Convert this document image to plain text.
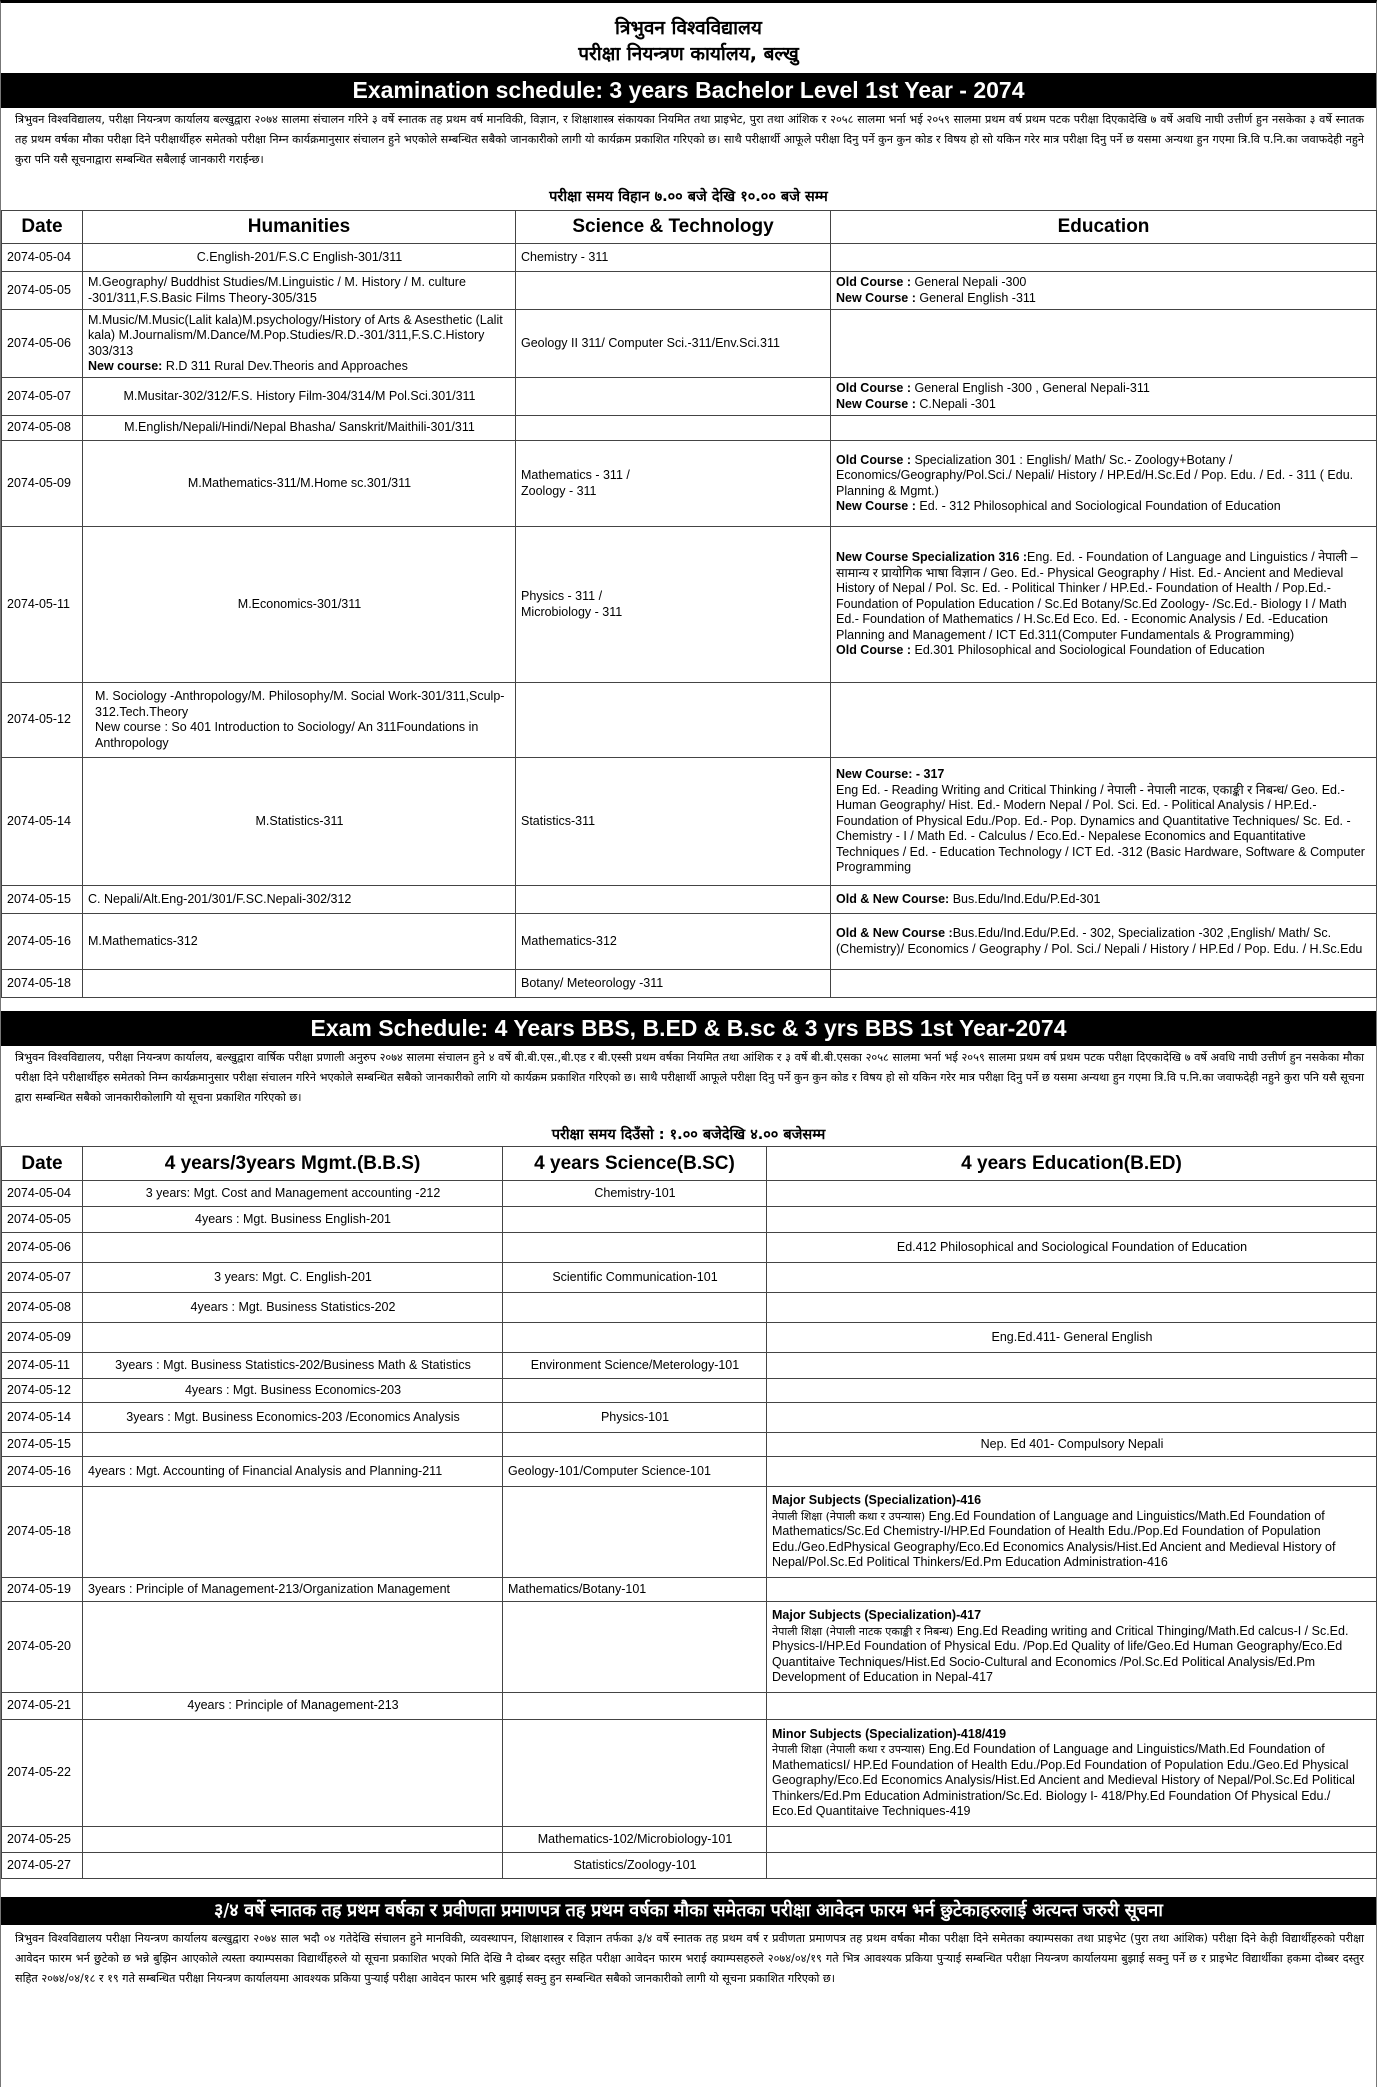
त्रिभुवन विश्वविद्यालय
परीक्षा नियन्त्रण कार्यालय, बल्खु
Examination schedule: 3 years Bachelor Level 1st Year - 2074
त्रिभुवन विश्वविद्यालय, परीक्षा नियन्त्रण कार्यालय बल्खुद्वारा २०७४ सालमा संचालन गरिने ३ वर्षे स्नातक तह प्रथम वर्ष मानविकी, विज्ञान, र शिक्षाशास्त्र संकायका नियमित तथा प्राइभेट, पुरा तथा आंशिक र २०५८ सालमा भर्ना भई २०५९ सालमा प्रथम वर्ष प्रथम पटक परीक्षा दिएकादेखि ७ वर्षे अवधि नाघी उत्तीर्ण हुन नसकेका ३ वर्षे स्नातक तह प्रथम वर्षका मौका परीक्षा दिने परीक्षार्थीहरु समेतको परीक्षा निम्न कार्यक्रमानुसार संचालन हुने भएकोले सम्बन्धित सबैको जानकारीको लागी यो कार्यक्रम प्रकाशित गरिएको छ। साथै परीक्षार्थी आफूले परीक्षा दिनु पर्ने कुन कुन कोड र विषय हो सो यकिन गरेर मात्र परीक्षा दिनु पर्ने छ यसमा अन्यथा हुन गएमा त्रि.वि प.नि.का जवाफदेही नहुने कुरा पनि यसै सूचनाद्वारा सम्बन्धित सबैलाई जानकारी गराईन्छ।
परीक्षा समय विहान ७.०० बजे देखि १०.०० बजे सम्म
Date	Humanities	Science & Technology	Education
2074-05-04	C.English-201/F.S.C English-301/311	Chemistry - 311	
2074-05-05	M.Geography/ Buddhist Studies/M.Linguistic / M. History / M. culture -301/311,F.S.Basic Films Theory-305/315		Old Course : General Nepali -300
New Course : General English -311
2074-05-06	M.Music/M.Music(Lalit kala)M.psychology/History of Arts & Asesthetic (Lalit kala) M.Journalism/M.Dance/M.Pop.Studies/R.D.-301/311,F.S.C.History 303/313
New course: R.D 311 Rural Dev.Theoris and Approaches	Geology II 311/ Computer Sci.-311/Env.Sci.311	
2074-05-07	M.Musitar-302/312/F.S. History Film-304/314/M Pol.Sci.301/311		Old Course : General English -300 , General Nepali-311
New Course : C.Nepali -301
2074-05-08	M.English/Nepali/Hindi/Nepal Bhasha/ Sanskrit/Maithili-301/311		
2074-05-09	M.Mathematics-311/M.Home sc.301/311	Mathematics - 311 /
Zoology - 311	Old Course : Specialization 301 : English/ Math/ Sc.- Zoology+Botany / Economics/Geography/Pol.Sci./ Nepali/ History / HP.Ed/H.Sc.Ed / Pop. Edu. / Ed. - 311 ( Edu. Planning & Mgmt.)
New Course : Ed. - 312 Philosophical and Sociological Foundation of Education
2074-05-11	M.Economics-301/311	Physics - 311 /
Microbiology - 311	New Course Specialization 316 :Eng. Ed. - Foundation of Language and Linguistics / नेपाली –सामान्य र प्रायोगिक भाषा विज्ञान / Geo. Ed.- Physical Geography / Hist. Ed.- Ancient and Medieval History of Nepal / Pol. Sc. Ed. - Political Thinker / HP.Ed.- Foundation of Health / Pop.Ed.- Foundation of Population Education / Sc.Ed Botany/Sc.Ed Zoology- /Sc.Ed.- Biology I / Math Ed.- Foundation of Mathematics / H.Sc.Ed Eco. Ed. - Economic Analysis / Ed. -Education Planning and Management / ICT Ed.311(Computer Fundamentals & Programming)
Old Course : Ed.301 Philosophical and Sociological Foundation of Education
2074-05-12	M. Sociology -Anthropology/M. Philosophy/M. Social Work-301/311,Sculp-312.Tech.Theory
New course : So 401 Introduction to Sociology/ An 311Foundations in Anthropology		
2074-05-14	M.Statistics-311	Statistics-311	New Course: - 317
Eng Ed. - Reading Writing and Critical Thinking / नेपाली - नेपाली नाटक, एकाङ्की र निबन्ध/ Geo. Ed.- Human Geography/ Hist. Ed.- Modern Nepal / Pol. Sci. Ed. - Political Analysis / HP.Ed.- Foundation of Physical Edu./Pop. Ed.- Pop. Dynamics and Quantitative Techniques/ Sc. Ed. - Chemistry - I / Math Ed. - Calculus / Eco.Ed.- Nepalese Economics and Equantitative Techniques / Ed. - Education Technology / ICT Ed. -312 (Basic Hardware, Software & Computer Programming
2074-05-15	C. Nepali/Alt.Eng-201/301/F.SC.Nepali-302/312		Old & New Course: Bus.Edu/Ind.Edu/P.Ed-301
2074-05-16	M.Mathematics-312	Mathematics-312	Old & New Course :Bus.Edu/Ind.Edu/P.Ed. - 302, Specialization -302 ,English/ Math/ Sc.(Chemistry)/ Economics / Geography / Pol. Sci./ Nepali / History / HP.Ed / Pop. Edu. / H.Sc.Edu
2074-05-18		Botany/ Meteorology -311	
Exam Schedule: 4 Years BBS, B.ED & B.sc & 3 yrs BBS 1st Year-2074
त्रिभुवन विश्वविद्यालय, परीक्षा नियन्त्रण कार्यालय, बल्खुद्वारा वार्षिक परीक्षा प्रणाली अनुरुप २०७४ सालमा संचालन हुने ४ वर्षे बी.बी.एस.,बी.एड र बी.एस्सी प्रथम वर्षका नियमित तथा आंशिक र ३ वर्षे बी.बी.एसका २०५८ सालमा भर्ना भई २०५९ सालमा प्रथम वर्ष प्रथम पटक परीक्षा दिएकादेखि ७ वर्षे अवधि नाघी उत्तीर्ण हुन नसकेका मौका परीक्षा दिने परीक्षार्थीहरु समेतको निम्न कार्यक्रमानुसार परीक्षा संचालन गरिने भएकोले सम्बन्धित सबैको जानकारीको लागि यो कार्यक्रम प्रकाशित गरिएको छ। साथै परीक्षार्थी आफूले परीक्षा दिनु पर्ने कुन कुन कोड र विषय हो सो यकिन गरेर मात्र परीक्षा दिनु पर्ने छ यसमा अन्यथा हुन गएमा त्रि.वि प.नि.का जवाफदेही नहुने कुरा पनि यसै सूचना द्वारा सम्बन्धित सबैको जानकारीकोलागि यो सूचना प्रकाशित गरिएको छ।
परीक्षा समय दिउँसो : १.०० बजेदेखि ४.०० बजेसम्म
Date	4 years/3years Mgmt.(B.B.S)	4 years Science(B.SC)	4 years Education(B.ED)
2074-05-04	3 years: Mgt. Cost and Management accounting -212	Chemistry-101	
2074-05-05	4years : Mgt. Business English-201		
2074-05-06			Ed.412 Philosophical and Sociological Foundation of Education
2074-05-07	3 years: Mgt. C. English-201	Scientific Communication-101	
2074-05-08	4years : Mgt. Business Statistics-202		
2074-05-09			Eng.Ed.411- General English
2074-05-11	3years : Mgt. Business Statistics-202/Business Math & Statistics	Environment Science/Meterology-101	
2074-05-12	4years : Mgt. Business Economics-203		
2074-05-14	3years : Mgt. Business Economics-203 /Economics Analysis	Physics-101	
2074-05-15			Nep. Ed 401- Compulsory Nepali
2074-05-16	4years : Mgt. Accounting of Financial Analysis and Planning-211	Geology-101/Computer Science-101	
2074-05-18			Major Subjects (Specialization)-416
नेपाली शिक्षा (नेपाली कथा र उपन्यास) Eng.Ed Foundation of Language and Linguistics/Math.Ed Foundation of Mathematics/Sc.Ed Chemistry-I/HP.Ed Foundation of Health Edu./Pop.Ed Foundation of Population Edu./Geo.EdPhysical Geography/Eco.Ed Economics Analysis/Hist.Ed Ancient and Medieval History of Nepal/Pol.Sc.Ed Political Thinkers/Ed.Pm Education Administration-416
2074-05-19	3years : Principle of Management-213/Organization Management	Mathematics/Botany-101	
2074-05-20			Major Subjects (Specialization)-417
नेपाली शिक्षा (नेपाली नाटक एकाङ्की र निबन्ध) Eng.Ed Reading writing and Critical Thinging/Math.Ed calcus-I / Sc.Ed. Physics-I/HP.Ed Foundation of Physical Edu. /Pop.Ed Quality of life/Geo.Ed Human Geography/Eco.Ed Quantitaive Techniques/Hist.Ed Socio-Cultural and Economics /Pol.Sc.Ed Political Analysis/Ed.Pm Development of Education in Nepal-417
2074-05-21	4years : Principle of Management-213		
2074-05-22			Minor Subjects (Specialization)-418/419
नेपाली शिक्षा (नेपाली कथा र उपन्यास) Eng.Ed Foundation of Language and Linguistics/Math.Ed Foundation of MathematicsI/ HP.Ed Foundation of Health Edu./Pop.Ed Foundation of Population Edu./Geo.Ed Physical Geography/Eco.Ed Economics Analysis/Hist.Ed Ancient and Medieval History of Nepal/Pol.Sc.Ed Political Thinkers/Ed.Pm Education Administration/Sc.Ed. Biology I- 418/Phy.Ed Foundation Of Physical Edu./ Eco.Ed Quantitaive Techniques-419
2074-05-25		Mathematics-102/Microbiology-101	
2074-05-27		Statistics/Zoology-101	
३/४ वर्षे स्नातक तह प्रथम वर्षका र प्रवीणता प्रमाणपत्र तह प्रथम वर्षका मौका समेतका परीक्षा आवेदन फारम भर्न छुटेकाहरुलाई अत्यन्त जरुरी सूचना
त्रिभुवन विश्वविद्यालय परीक्षा नियन्त्रण कार्यालय बल्खुद्वारा २०७४ साल भदौ ०४ गतेदेखि संचालन हुने मानविकी, व्यवस्थापन, शिक्षाशास्त्र र विज्ञान तर्फका ३/४ वर्षे स्नातक तह प्रथम वर्ष र प्रवीणता प्रमाणपत्र तह प्रथम वर्षका मौका परीक्षा दिने समेतका क्याम्पसका तथा प्राइभेट (पुरा तथा आंशिक) परीक्षा दिने केही विद्यार्थीहरुको परीक्षा आवेदन फारम भर्न छुटेको छ भन्ने बुझिन आएकोले त्यस्ता क्याम्पसका विद्यार्थीहरुले यो सूचना प्रकाशित भएको मिति देखि नै दोब्बर दस्तुर सहित परीक्षा आवेदन फारम भराई क्याम्पसहरुले २०७४/०४/१९ गते भित्र आवश्यक प्रकिया पुऱ्याई सम्बन्धित परीक्षा नियन्त्रण कार्यालयमा बुझाई सक्नु पर्ने छ र प्राइभेट विद्यार्थीका हकमा दोब्बर दस्तुर सहित २०७४/०४/१८ र १९ गते सम्बन्धित परीक्षा नियन्त्रण कार्यालयमा आवश्यक प्रकिया पुऱ्याई परीक्षा आवेदन फारम भरि बुझाई सक्नु हुन सम्बन्धित सबैको जानकारीको लागी यो सूचना प्रकाशित गरिएको छ।
